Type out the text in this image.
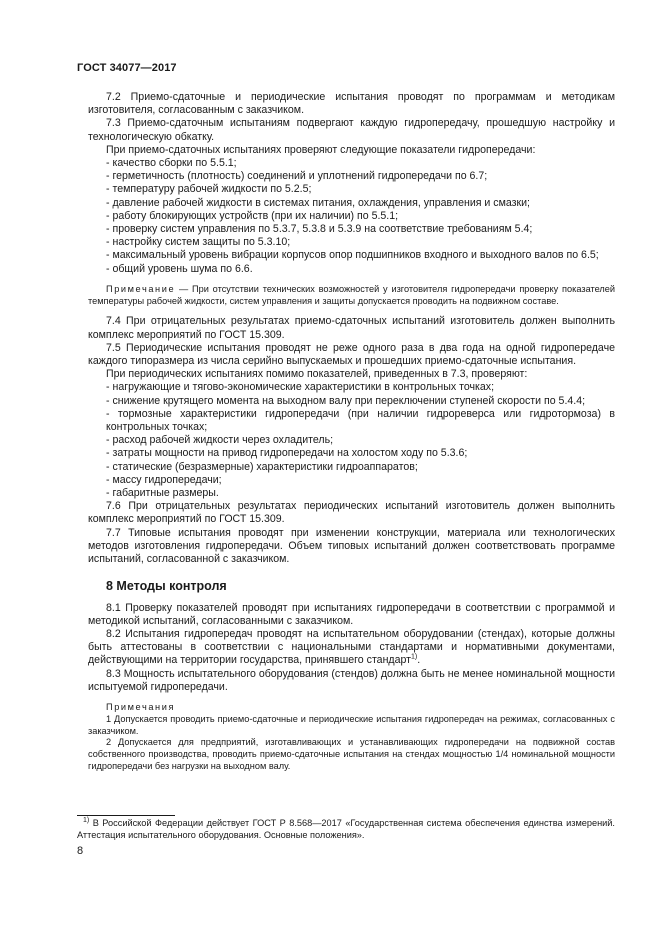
ГОСТ 34077—2017

7.2 Приемо-сдаточные и периодические испытания проводят по программам и методикам изготовителя, согласованным с заказчиком.

7.3 Приемо-сдаточным испытаниям подвергают каждую гидропередачу, прошедшую настройку и технологическую обкатку.

При приемо-сдаточных испытаниях проверяют следующие показатели гидропередачи:

- качество сборки по 5.5.1;

- герметичность (плотность) соединений и уплотнений гидропередачи по 6.7;

- температуру рабочей жидкости по 5.2.5;

- давление рабочей жидкости в системах питания, охлаждения, управления и смазки;

- работу блокирующих устройств (при их наличии) по 5.5.1;

- проверку систем управления по 5.3.7, 5.3.8 и 5.3.9 на соответствие требованиям 5.4;

- настройку систем защиты по 5.3.10;

- максимальный уровень вибрации корпусов опор подшипников входного и выходного валов по 6.5;

- общий уровень шума по 6.6.

Примечание — При отсутствии технических возможностей у изготовителя гидропередачи проверку показателей температуры рабочей жидкости, систем управления и защиты допускается проводить на подвижном составе.

7.4 При отрицательных результатах приемо-сдаточных испытаний изготовитель должен выполнить комплекс мероприятий по ГОСТ 15.309.

7.5 Периодические испытания проводят не реже одного раза в два года на одной гидропередаче каждого типоразмера из числа серийно выпускаемых и прошедших приемо-сдаточные испытания.

При периодических испытаниях помимо показателей, приведенных в 7.3, проверяют:

- нагружающие и тягово-экономические характеристики в контрольных точках;

- снижение крутящего момента на выходном валу при переключении ступеней скорости по 5.4.4;

- тормозные характеристики гидропередачи (при наличии гидрореверса или гидротормоза) в контрольных точках;

- расход рабочей жидкости через охладитель;

- затраты мощности на привод гидропередачи на холостом ходу по 5.3.6;

- статические (безразмерные) характеристики гидроаппаратов;

- массу гидропередачи;

- габаритные размеры.

7.6 При отрицательных результатах периодических испытаний изготовитель должен выполнить комплекс мероприятий по ГОСТ 15.309.

7.7 Типовые испытания проводят при изменении конструкции, материала или технологических методов изготовления гидропередачи. Объем типовых испытаний должен соответствовать программе испытаний, согласованной с заказчиком.

8 Методы контроля

8.1 Проверку показателей проводят при испытаниях гидропередачи в соответствии с программой и методикой испытаний, согласованными с заказчиком.

8.2 Испытания гидропередач проводят на испытательном оборудовании (стендах), которые должны быть аттестованы в соответствии с национальными стандартами и нормативными документами, действующими на территории государства, принявшего стандарт$^{1)}$.

8.3 Мощность испытательного оборудования (стендов) должна быть не менее номинальной мощности испытуемой гидропередачи.

Примечания

1 Допускается проводить приемо-сдаточные и периодические испытания гидропередач на режимах, согласованных с заказчиком.

2 Допускается для предприятий, изготавливающих и устанавливающих гидропередачи на подвижной состав собственного производства, проводить приемо-сдаточные испытания на стендах мощностью 1/4 номинальной мощности гидропередачи без нагрузки на выходном валу.

$^{1)}$ В Российской Федерации действует ГОСТ Р 8.568—2017 «Государственная система обеспечения единства измерений. Аттестация испытательного оборудования. Основные положения».
8
